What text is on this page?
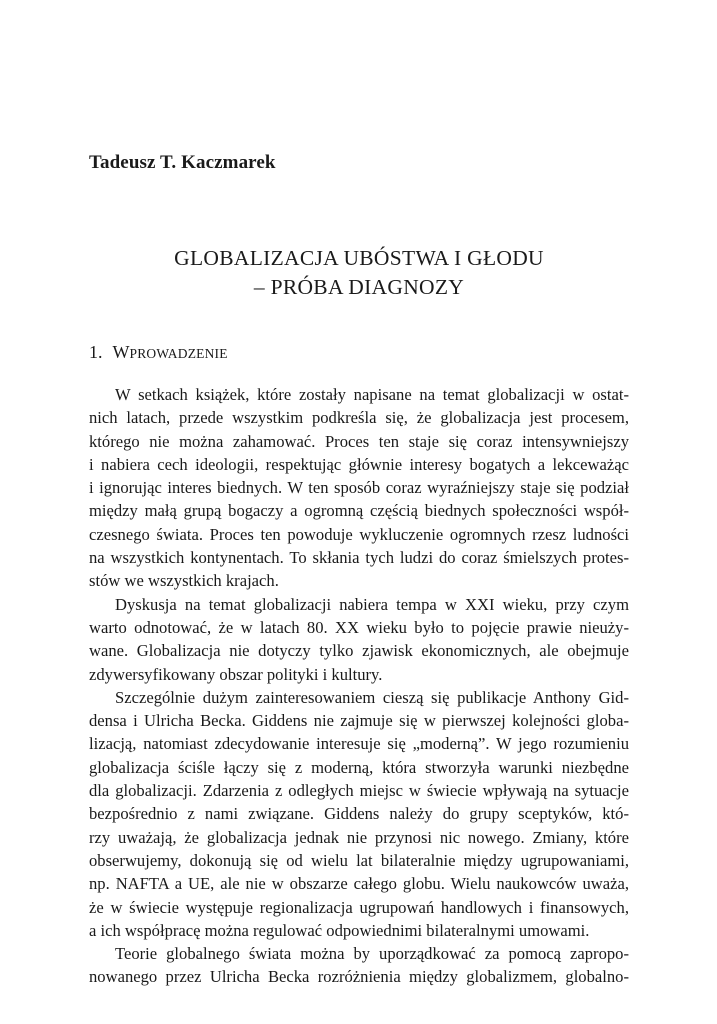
Tadeusz T. Kaczmarek
GLOBALIZACJA UBÓSTWA I GŁODU
– PRÓBA DIAGNOZY
1. WPROWADZENIE
W setkach książek, które zostały napisane na temat globalizacji w ostat-
nich latach, przede wszystkim podkreśla się, że globalizacja jest procesem,
którego nie można zahamować. Proces ten staje się coraz intensywniejszy
i nabiera cech ideologii, respektując głównie interesy bogatych a lekceważąc
i ignorując interes biednych. W ten sposób coraz wyraźniejszy staje się podział
między małą grupą bogaczy a ogromną częścią biednych społeczności współ-
czesnego świata. Proces ten powoduje wykluczenie ogromnych rzesz ludności
na wszystkich kontynentach. To skłania tych ludzi do coraz śmielszych protes-
stów we wszystkich krajach.
Dyskusja na temat globalizacji nabiera tempa w XXI wieku, przy czym
warto odnotować, że w latach 80. XX wieku było to pojęcie prawie nieuży-
wane. Globalizacja nie dotyczy tylko zjawisk ekonomicznych, ale obejmuje
zdywersyfikowany obszar polityki i kultury.
Szczególnie dużym zainteresowaniem cieszą się publikacje Anthony Gid-
densa i Ulricha Becka. Giddens nie zajmuje się w pierwszej kolejności globa-
lizacją, natomiast zdecydowanie interesuje się „moderną”. W jego rozumieniu
globalizacja ściśle łączy się z moderną, która stworzyła warunki niezbędne
dla globalizacji. Zdarzenia z odległych miejsc w świecie wpływają na sytuacje
bezpośrednio z nami związane. Giddens należy do grupy sceptyków, któ-
rzy uważają, że globalizacja jednak nie przynosi nic nowego. Zmiany, które
obserwujemy, dokonują się od wielu lat bilateralnie między ugrupowaniami,
np. NAFTA a UE, ale nie w obszarze całego globu. Wielu naukowców uważa,
że w świecie występuje regionalizacja ugrupowań handlowych i finansowych,
a ich współpracę można regulować odpowiednimi bilateralnymi umowami.
Teorie globalnego świata można by uporządkować za pomocą zapropo-
nowanego przez Ulricha Becka rozróżnienia między globalizmem, globalno-
